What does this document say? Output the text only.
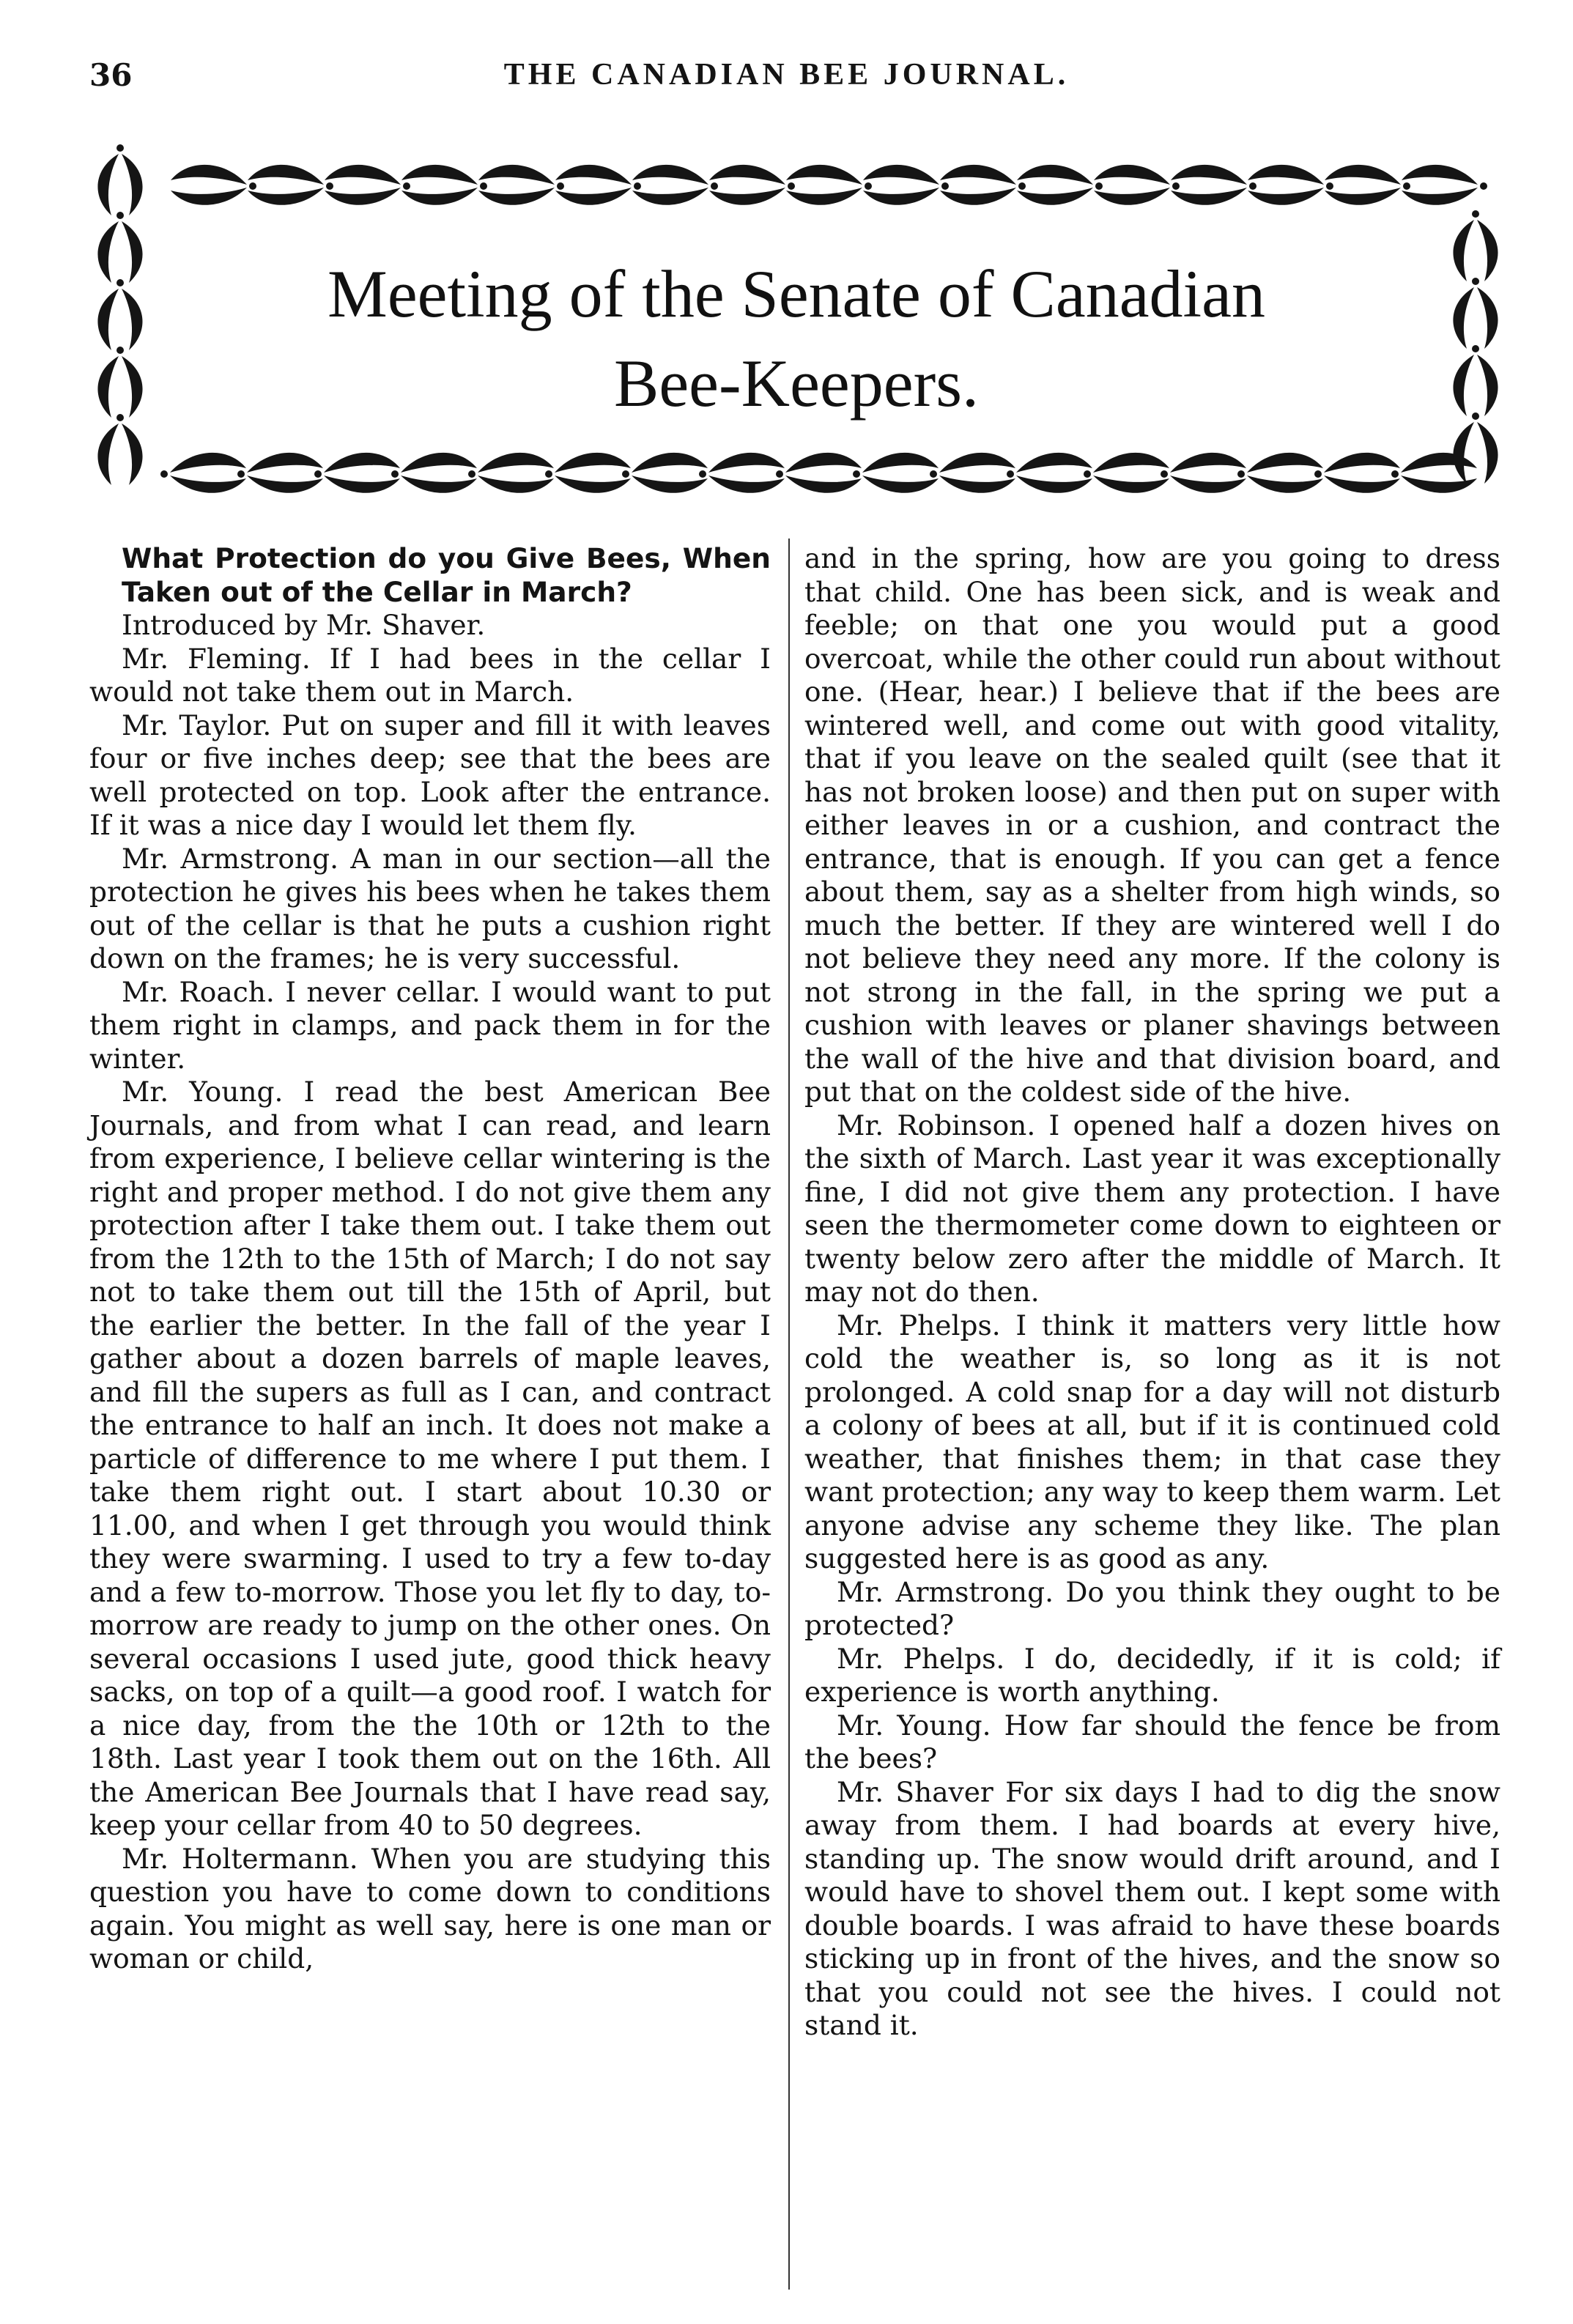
36	THE CANADIAN BEE JOURNAL.
Meeting of the Senate of Canadian
Bee-Keepers.

What Protection do you Give Bees, When Taken out of the Cellar in March?

Introduced by Mr. Shaver.

Mr. Fleming. If I had bees in the cellar I would not take them out in March.

Mr. Taylor. Put on super and fill it with leaves four or five inches deep; see that the bees are well protected on top. Look after the entrance. If it was a nice day I would let them fly.

Mr. Armstrong. A man in our section—all the protection he gives his bees when he takes them out of the cellar is that he puts a cushion right down on the frames; he is very successful.

Mr. Roach. I never cellar. I would want to put them right in clamps, and pack them in for the winter.

Mr. Young. I read the best American Bee Journals, and from what I can read, and learn from experience, I believe cellar wintering is the right and proper method. I do not give them any protection after I take them out. I take them out from the 12th to the 15th of March; I do not say not to take them out till the 15th of April, but the earlier the better. In the fall of the year I gather about a dozen barrels of maple leaves, and fill the supers as full as I can, and contract the entrance to half an inch. It does not make a particle of difference to me where I put them. I take them right out. I start about 10.30 or 11.00, and when I get through you would think they were swarming. I used to try a few to-day and a few to-morrow. Those you let fly to day, to-morrow are ready to jump on the other ones. On several occasions I used jute, good thick heavy sacks, on top of a quilt—a good roof. I watch for a nice day, from the the 10th or 12th to the 18th. Last year I took them out on the 16th. All the American Bee Journals that I have read say, keep your cellar from 40 to 50 degrees.

Mr. Holtermann. When you are studying this question you have to come down to conditions again. You might as well say, here is one man or woman or child,

and in the spring, how are you going to dress that child. One has been sick, and is weak and feeble; on that one you would put a good overcoat, while the other could run about without one. (Hear, hear.) I believe that if the bees are wintered well, and come out with good vitality, that if you leave on the sealed quilt (see that it has not broken loose) and then put on super with either leaves in or a cushion, and contract the entrance, that is enough. If you can get a fence about them, say as a shelter from high winds, so much the better. If they are wintered well I do not believe they need any more. If the colony is not strong in the fall, in the spring we put a cushion with leaves or planer shavings between the wall of the hive and that division board, and put that on the coldest side of the hive.

Mr. Robinson. I opened half a dozen hives on the sixth of March. Last year it was exceptionally fine, I did not give them any protection. I have seen the thermometer come down to eighteen or twenty below zero after the middle of March. It may not do then.

Mr. Phelps. I think it matters very little how cold the weather is, so long as it is not prolonged. A cold snap for a day will not disturb a colony of bees at all, but if it is continued cold weather, that finishes them; in that case they want protection; any way to keep them warm. Let anyone advise any scheme they like. The plan suggested here is as good as any.

Mr. Armstrong. Do you think they ought to be protected?

Mr. Phelps. I do, decidedly, if it is cold; if experience is worth anything.

Mr. Young. How far should the fence be from the bees?

Mr. Shaver For six days I had to dig the snow away from them. I had boards at every hive, standing up. The snow would drift around, and I would have to shovel them out. I kept some with double boards. I was afraid to have these boards sticking up in front of the hives, and the snow so that you could not see the hives. I could not stand it.
